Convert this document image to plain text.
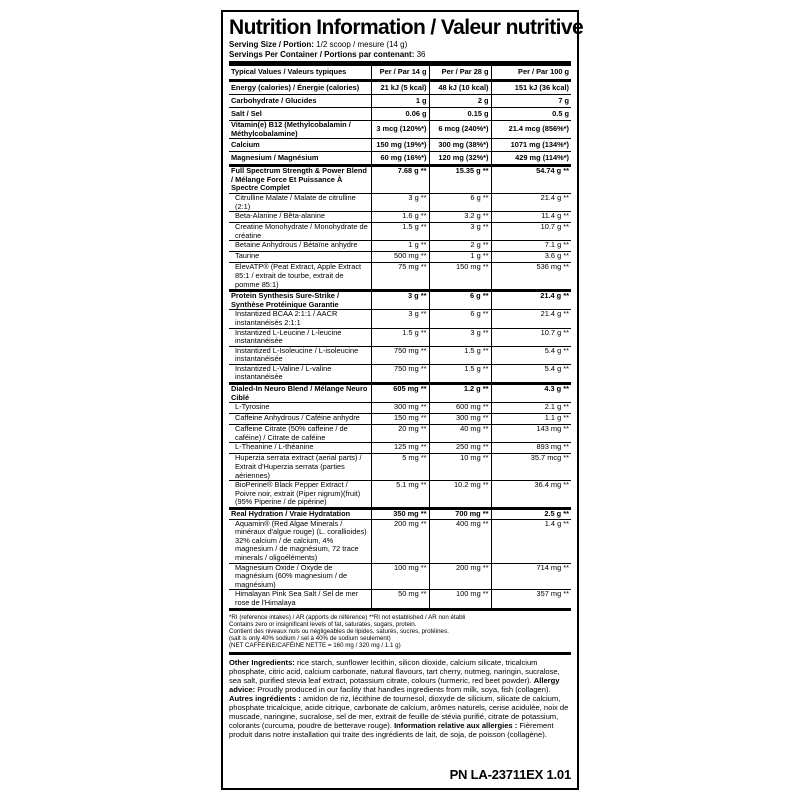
Nutrition Information / Valeur nutritive
Serving Size / Portion: 1/2 scoop / mesure (14 g)
Servings Per Container / Portions par contenant: 36
Typical Values / Valeurs typiques	Per / Par 14 g	Per / Par 28 g	Per / Par 100 g
Energy (calories) / Énergie (calories)	21 kJ (5 kcal)	48 kJ (10 kcal)	151 kJ (36 kcal)
Carbohydrate / Glucides	1 g	2 g	7 g
Salt / Sel	0.06 g	0.15 g	0.5 g
Vitamin(e) B12 (Methylcobalamin / Méthylcobalamine)	3 mcg (120%*)	6 mcg (240%*)	21.4 mcg (856%*)
Calcium	150 mg (19%*)	300 mg (38%*)	1071 mg (134%*)
Magnesium / Magnésium	60 mg (16%*)	120 mg (32%*)	429 mg (114%*)
Full Spectrum Strength & Power Blend / Mélange Force Et Puissance À Spectre Complet	7.68 g **	15.35 g **	54.74 g **
Citrulline Malate / Malate de citrulline (2:1)	3 g **	6 g **	21.4 g **
Beta-Alanine / Bêta-alanine	1.6 g **	3.2 g **	11.4 g **
Creatine Monohydrate / Monohydrate de créatine	1.5 g **	3 g **	10.7 g **
Betaine Anhydrous / Bétaïne anhydre	1 g **	2 g **	7.1 g **
Taurine	500 mg **	1 g **	3.6 g **
ElevATP® (Peat Extract, Apple Extract 85:1 / extrait de tourbe, extrait de pomme 85:1)	75 mg **	150 mg **	536 mg **
Protein Synthesis Sure-Strike / Synthèse Protéinique Garantie	3 g **	6 g **	21.4 g **
Instantized BCAA 2:1:1 / AACR instantanéisés 2:1:1	3 g **	6 g **	21.4 g **
Instantized L-Leucine / L-leucine instantanéisée	1.5 g **	3 g **	10.7 g **
Instantized L-Isoleucine / L-isoleucine instantanéisée	750 mg **	1.5 g **	5.4 g **
Instantized L-Valine / L-valine instantanéisée	750 mg **	1.5 g **	5.4 g **
Dialed-In Neuro Blend / Mélange Neuro Ciblé	605 mg **	1.2 g **	4.3 g **
L-Tyrosine	300 mg **	600 mg **	2.1 g **
Caffeine Anhydrous / Caféine anhydre	150 mg **	300 mg **	1.1 g **
Caffeine Citrate (50% caffeine / de caféine) / Citrate de caféine	20 mg **	40 mg **	143 mg **
L-Theanine / L-théanine	125 mg **	250 mg **	893 mg **
Huperzia serrata extract (aerial parts) / Extrait d'Huperzia serrata (parties aériennes)	5 mg **	10 mg **	35.7 mcg **
BioPerine® Black Pepper Extract / Poivre noir, extrait (Piper nigrum)(fruit)(95% Piperine / de pipérine)	5.1 mg **	10.2 mg **	36.4 mg **
Real Hydration / Vraie Hydratation	350 mg **	700 mg **	2.5 g **
Aquamin® (Red Algae Minerals / minéraux d'algue rouge) (L. corallioides) 32% calcium / de calcium, 4% magnesium / de magnésium, 72 trace minerals / oligoéléments)	200 mg **	400 mg **	1.4 g **
Magnesium Oxide / Oxyde de magnésium (60% magnesium / de magnésium)	100 mg **	200 mg **	714 mg **
Himalayan Pink Sea Salt / Sel de mer rose de l'Himalaya	50 mg **	100 mg **	357 mg **
*RI (reference intakes) / AR (apports de référence) **RI not established / AR non établi
Contains zero or insignificant levels of fat, saturates, sugars, protein.
Contient des niveaux nuls ou négligeables de lipides, saturés, sucres, protéines.
(salt is only 40% sodium / sel à 40% de sodium seulement)
(NET CAFFEINE/CAFÉINE NETTE = 160 mg / 320 mg / 1.1 g)
Other Ingredients: rice starch, sunflower lecithin, silicon dioxide, calcium silicate, tricalcium phosphate, citric acid, calcium carbonate, natural flavours, tart cherry, nutmeg, naringin, sucralose, sea salt, purified stevia leaf extract, potassium citrate, colours (turmeric, red beet powder). Allergy advice: Proudly produced in our facility that handles ingredients from milk, soya, fish (collagen). Autres ingrédients : amidon de riz, lécithine de tournesol, dioxyde de silicium, silicate de calcium, phosphate tricalcique, acide citrique, carbonate de calcium, arômes naturels, cerise acidulée, noix de muscade, naringine, sucralose, sel de mer, extrait de feuille de stévia purifié, citrate de potassium, colorants (curcuma, poudre de betterave rouge). Information relative aux allergies : Fièrement produit dans notre installation qui traite des ingrédients de lait, de soja, de poisson (collagène).
PN LA-23711EX 1.01
